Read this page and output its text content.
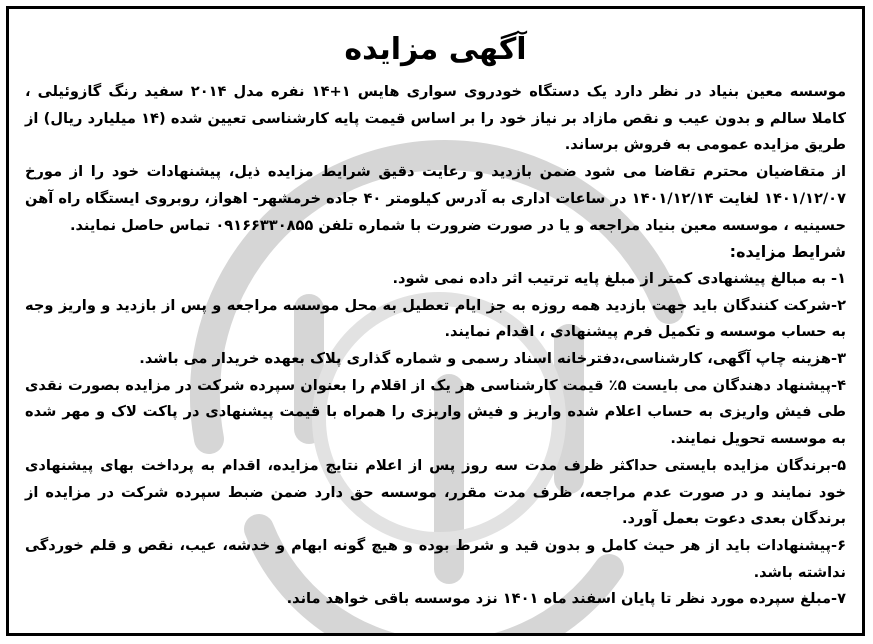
آگهی مزایده

موسسه معین بنیاد در نظر دارد یک دستگاه خودروی سواری هایس ۱+۱۴ نفره مدل ۲۰۱۴ سفید رنگ گازوئیلی ، کاملا سالم و بدون عیب و نقص مازاد بر نیاز خود را بر اساس قیمت پایه کارشناسی تعیین شده (۱۴ میلیارد ریال) از طریق مزایده عمومی به فروش برساند.

از متقاضیان محترم تقاضا می شود ضمن بازدید و رعایت دقیق شرایط مزایده ذیل، پیشنهادات خود را از مورخ ۱۴۰۱/۱۲/۰۷ لغایت ۱۴۰۱/۱۲/۱۴ در ساعات اداری به آدرس کیلومتر ۴۰ جاده خرمشهر- اهواز، روبروی ایستگاه راه آهن حسینیه ، موسسه معین بنیاد مراجعه و یا در صورت ضرورت با شماره تلفن ۰۹۱۶۶۳۳۰۸۵۵ تماس حاصل نمایند.

شرایط مزایده:

۱- به مبالغ پیشنهادی کمتر از مبلغ پایه ترتیب اثر داده نمی شود.

۲-شرکت کنندگان باید جهت بازدید همه روزه به جز ایام تعطیل به محل موسسه مراجعه و پس از بازدید و واریز وجه به حساب موسسه و تکمیل فرم پیشنهادی ، اقدام نمایند.

۳-هزینه چاپ آگهی، کارشناسی،دفترخانه اسناد رسمی و شماره گذاری پلاک بعهده خریدار می باشد.

۴-پیشنهاد دهندگان می بایست ۵٪ قیمت کارشناسی هر یک از اقلام را بعنوان سپرده شرکت در مزایده بصورت نقدی طی فیش واریزی به حساب اعلام شده واریز و فیش واریزی را همراه با قیمت پیشنهادی در پاکت لاک و مهر شده به موسسه تحویل نمایند.

۵-برندگان مزایده بایستی حداکثر ظرف مدت سه روز پس از اعلام نتایج مزایده، اقدام به پرداخت بهای پیشنهادی خود نمایند و در صورت عدم مراجعه، ظرف مدت مقرر، موسسه حق دارد ضمن ضبط سپرده شرکت در مزایده از برندگان بعدی دعوت بعمل آورد.

۶-پیشنهادات باید از هر حیث کامل و بدون قید و شرط بوده و هیچ گونه ابهام و خدشه، عیب، نقص و قلم خوردگی نداشته باشد.

۷-مبلغ سپرده مورد نظر تا پایان اسفند ماه ۱۴۰۱ نزد موسسه باقی خواهد ماند.
